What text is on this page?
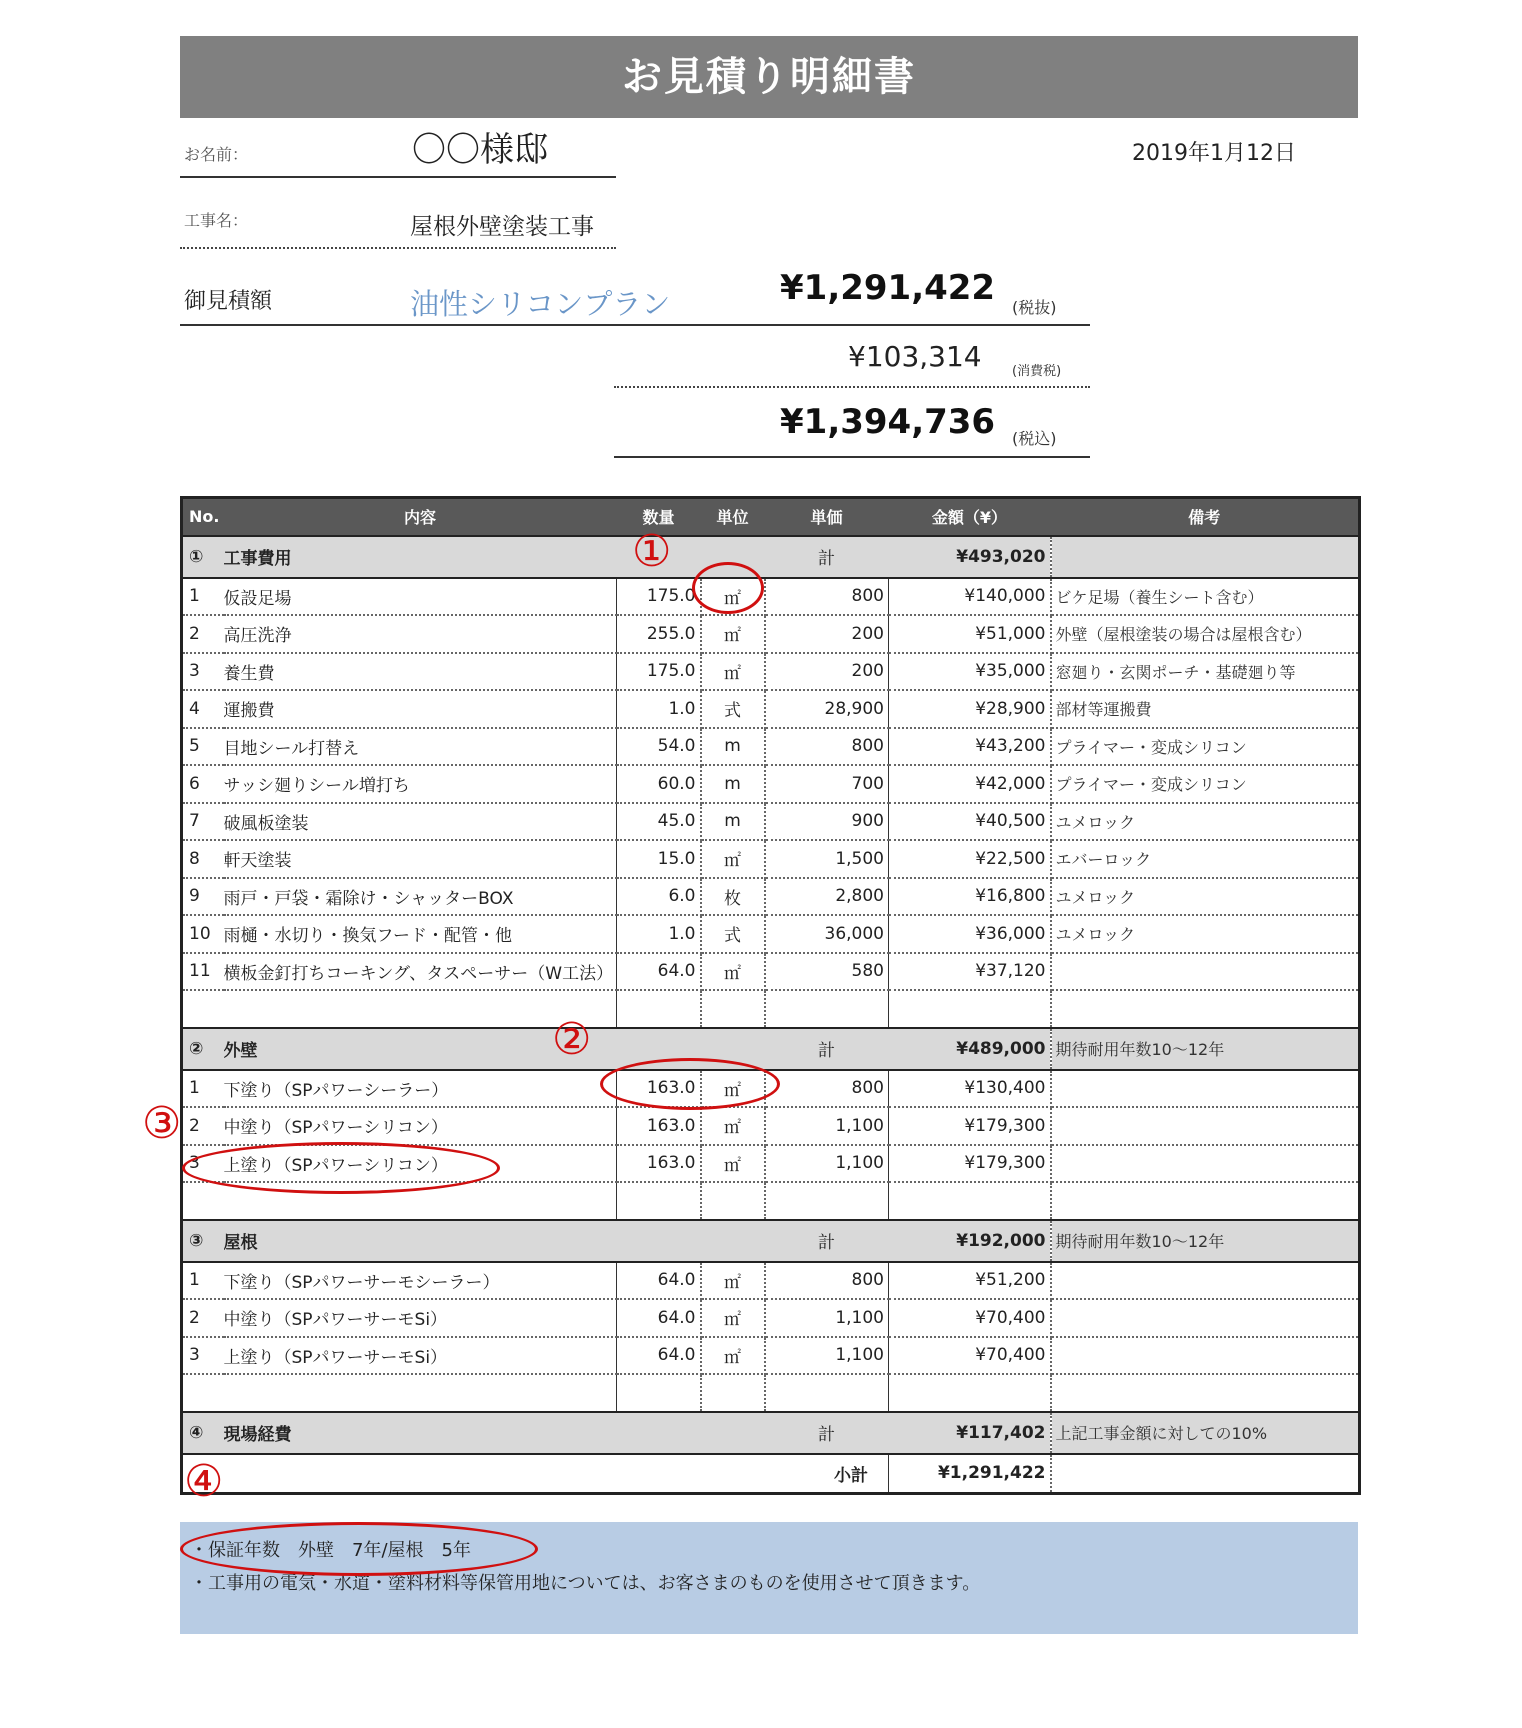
お見積り明細書
お名前：	〇〇様邸	2019年1月12日
工事名：	屋根外壁塗装工事
御見積額	油性シリコンプラン	¥1,291,422 (税抜)
¥103,314 (消費税)
¥1,394,736 (税込)
No.	内容	数量	単位	単価	金額（¥）	備考
①	工事費用			計	¥493,020	
1	仮設足場	175.0	㎡	800	¥140,000	ビケ足場（養生シート含む）
2	高圧洗浄	255.0	㎡	200	¥51,000	外壁（屋根塗装の場合は屋根含む）
3	養生費	175.0	㎡	200	¥35,000	窓廻り・玄関ポーチ・基礎廻り等
4	運搬費	1.0	式	28,900	¥28,900	部材等運搬費
5	目地シール打替え	54.0	m	800	¥43,200	プライマー・変成シリコン
6	サッシ廻りシール増打ち	60.0	m	700	¥42,000	プライマー・変成シリコン
7	破風板塗装	45.0	m	900	¥40,500	ユメロック
8	軒天塗装	15.0	㎡	1,500	¥22,500	エバーロック
9	雨戸・戸袋・霜除け・シャッターBOX	6.0	枚	2,800	¥16,800	ユメロック
10	雨樋・水切り・換気フード・配管・他	1.0	式	36,000	¥36,000	ユメロック
11	横板金釘打ちコーキング、タスペーサー（W工法）	64.0	㎡	580	¥37,120	

②	外壁			計	¥489,000	期待耐用年数10～12年
1	下塗り（SPパワーシーラー）	163.0	㎡	800	¥130,400	
2	中塗り（SPパワーシリコン）	163.0	㎡	1,100	¥179,300	
3	上塗り（SPパワーシリコン）	163.0	㎡	1,100	¥179,300	

③	屋根			計	¥192,000	期待耐用年数10～12年
1	下塗り（SPパワーサーモシーラー）	64.0	㎡	800	¥51,200	
2	中塗り（SPパワーサーモSi）	64.0	㎡	1,100	¥70,400	
3	上塗り（SPパワーサーモSi）	64.0	㎡	1,100	¥70,400	

④	現場経費			計	¥117,402	上記工事金額に対しての10%
小計					¥1,291,422	
・保証年数　外壁　7年/屋根　5年
・工事用の電気・水道・塗料材料等保管用地については、お客さまのものを使用させて頂きます。
①
②
③
④
